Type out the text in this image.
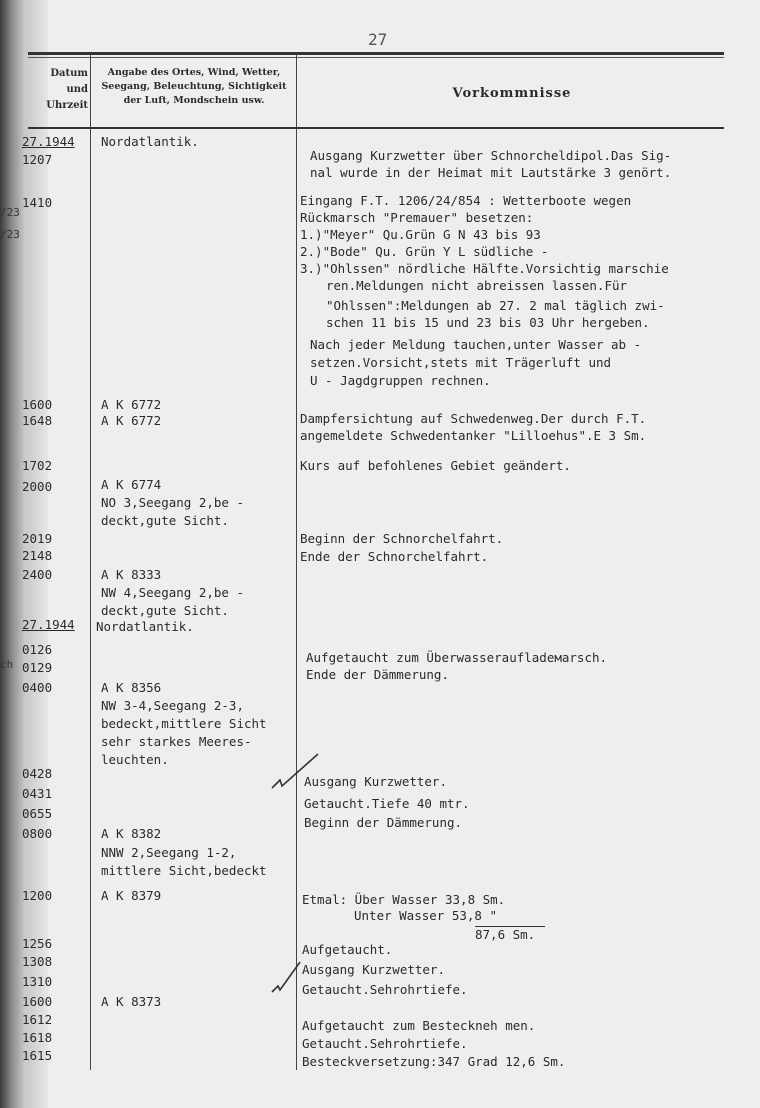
27
Datum
und
Uhrzeit
Angabe des Ortes, Wind, Wetter,
Seegang, Beleuchtung, Sichtigkeit
der Luft, Mondschein usw.	Vorkommnisse
/23
/23
ch
27.1944
1207
1410
1600
1648
1702
2000
2019
2148
2400
27.1944
0126
0129
0400
0428
0431
0655
0800
1200
1256
1308
1310
1600
1612
1618
1615
Nordatlantik.
A K 6772
A K 6772
A K 6774
NO 3,Seegang 2,be -
deckt,gute Sicht.
A K 8333
NW 4,Seegang 2,be -
deckt,gute Sicht.
Nordatlantik.
A K 8356
NW 3-4,Seegang 2-3,
bedeckt,mittlere Sicht
sehr starkes Meeres-
leuchten.
A K 8382
NNW 2,Seegang 1-2,
mittlere Sicht,bedeckt
A K 8379
A K 8373
Ausgang Kurzwetter über Schnorcheldipol.Das Sig-
nal wurde in der Heimat mit Lautstärke 3 genört.
Eingang F.T. 1206/24/854 : Wetterboote wegen
Rückmarsch "Premauer" besetzen:
1.)"Meyer" Qu.Grün G N 43 bis 93
2.)"Bode" Qu. Grün Y L südliche -
3.)"Ohlssen" nördliche Hälfte.Vorsichtig marschie
ren.Meldungen nicht abreissen lassen.Für
"Ohlssen":Meldungen ab 27. 2 mal täglich zwi-
schen 11 bis 15 und 23 bis 03 Uhr hergeben.
Nach jeder Meldung tauchen,unter Wasser ab -
setzen.Vorsicht,stets mit Trägerluft und
U - Jagdgruppen rechnen.
Dampfersichtung auf Schwedenweg.Der durch F.T.
angemeldete Schwedentanker "Lilloehus".E 3 Sm.
Kurs auf befohlenes Gebiet geändert.
Beginn der Schnorchelfahrt.
Ende der Schnorchelfahrt.
Aufgetaucht zum Überwasseraufladeмarsch.
Ende der Dämmerung.
Ausgang Kurzwetter.
Getaucht.Tiefe 40 mtr.
Beginn der Dämmerung.
Etmal: Über Wasser 33,8 Sm.
Unter Wasser 53,8 "
87,6 Sm.
Aufgetaucht.
Ausgang Kurzwetter.
Getaucht.Sehrohrtiefe.
Aufgetaucht zum Besteckneh men.
Getaucht.Sehrohrtiefe.
Besteckversetzung:347 Grad 12,6 Sm.
